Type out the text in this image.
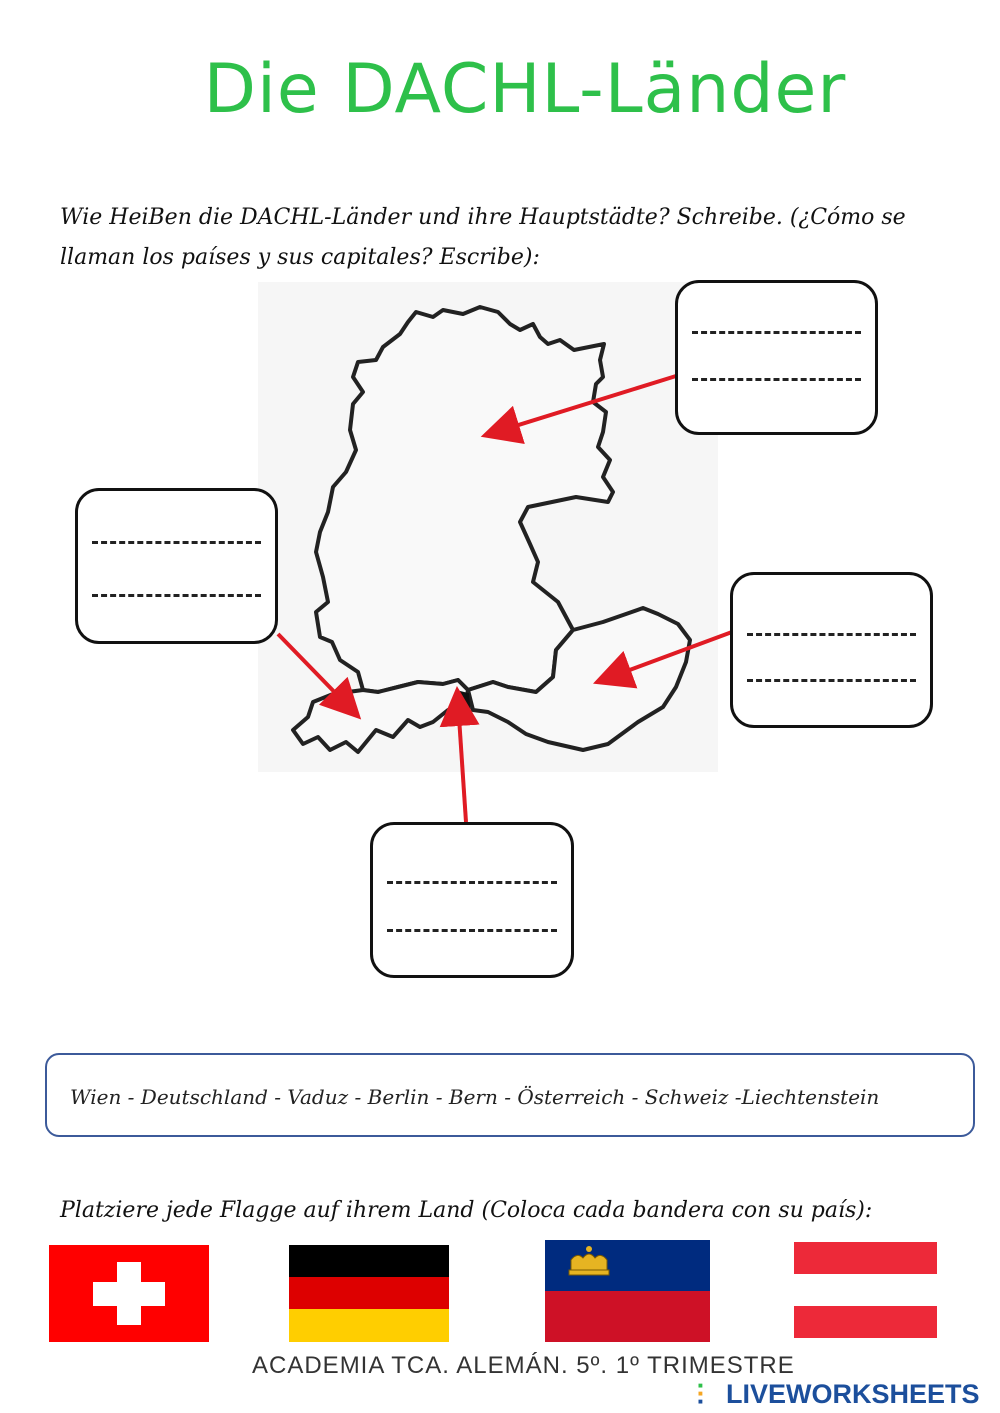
Die DACHL-Länder
Wie HeiBen die DACHL-Länder und ihre Hauptstädte? Schreibe. (¿Cómo se llaman los países y sus capitales? Escribe):
Wien - Deutschland - Vaduz - Berlin - Bern - Österreich - Schweiz -Liechtenstein
Platziere jede Flagge auf ihrem Land (Coloca cada bandera con su país):
ACADEMIA TCA. ALEMÁN. 5º. 1º TRIMESTRE
■
■
■ LIVEWORKSHEETS
